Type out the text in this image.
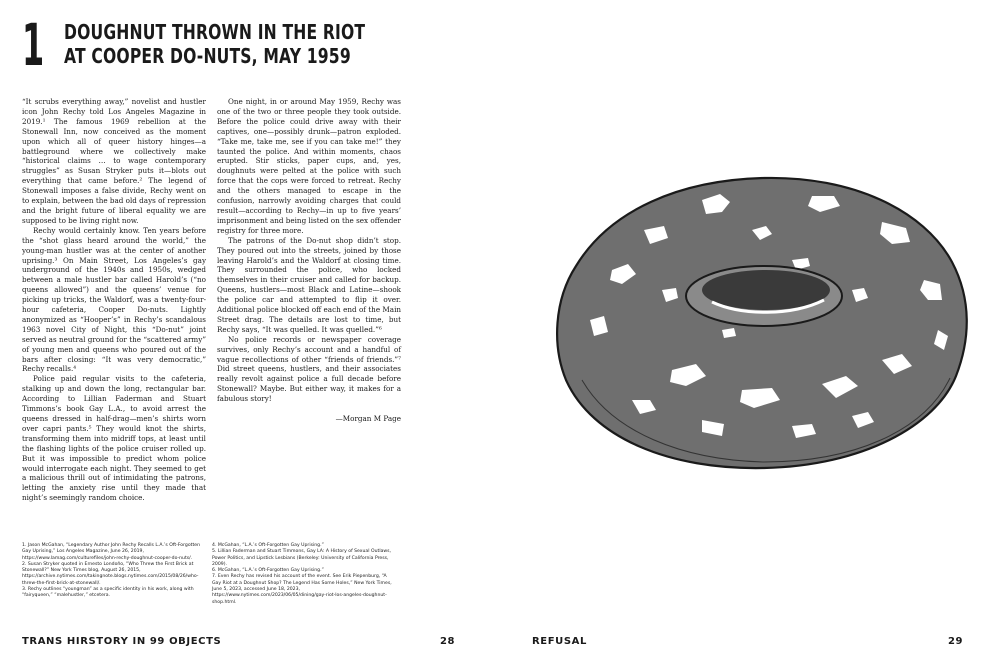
1 DOUGHNUT THROWN IN THE RIOT
AT COOPER DO-NUTS, MAY 1959

“It scrubs everything away,” novelist and hustler icon John Rechy told Los Angeles Magazine in 2019.¹ The famous 1969 rebellion at the Stonewall Inn, now conceived as the moment upon which all of queer history hinges—a battleground where we collectively make “historical claims … to wage contemporary struggles” as Susan Stryker puts it—blots out everything that came before.² The legend of Stonewall imposes a false divide, Rechy went on to explain, between the bad old days of repression and the bright future of liberal equality we are supposed to be living right now.

Rechy would certainly know. Ten years before the “shot glass heard around the world,” the young-man hustler was at the center of another uprising.³ On Main Street, Los Angeles’s gay underground of the 1940s and 1950s, wedged between a male hustler bar called Harold’s (“no queens allowed”) and the queens’ venue for picking up tricks, the Waldorf, was a twenty-four-hour cafeteria, Cooper Do-nuts. Lightly anonymized as “Hooper’s” in Rechy’s scandalous 1963 novel City of Night, this “Do-nut” joint served as neutral ground for the “scattered army” of young men and queens who poured out of the bars after closing: “It was very democratic,” Rechy recalls.⁴

Police paid regular visits to the cafeteria, stalking up and down the long, rectangular bar. According to Lillian Faderman and Stuart Timmons’s book Gay L.A., to avoid arrest the queens dressed in half-drag—men’s shirts worn over capri pants.⁵ They would knot the shirts, transforming them into midriff tops, at least until the flashing lights of the police cruiser rolled up. But it was impossible to predict whom police would interrogate each night. They seemed to get a malicious thrill out of intimidating the patrons, letting the anxiety rise until they made that night’s seemingly random choice.

One night, in or around May 1959, Rechy was one of the two or three people they took outside. Before the police could drive away with their captives, one—possibly drunk—patron exploded. “Take me, take me, see if you can take me!” they taunted the police. And within moments, chaos erupted. Stir sticks, paper cups, and, yes, doughnuts were pelted at the police with such force that the cops were forced to retreat. Rechy and the others managed to escape in the confusion, narrowly avoiding charges that could result—according to Rechy—in up to five years’ imprisonment and being listed on the sex offender registry for three more.

The patrons of the Do-nut shop didn’t stop. They poured out into the streets, joined by those leaving Harold’s and the Waldorf at closing time. They surrounded the police, who locked themselves in their cruiser and called for backup. Queens, hustlers—most Black and Latine—shook the police car and attempted to flip it over. Additional police blocked off each end of the Main Street drag. The details are lost to time, but Rechy says, “It was quelled. It was quelled.”⁶

No police records or newspaper coverage survives, only Rechy’s account and a handful of vague recollections of other “friends of friends.”⁷ Did street queens, hustlers, and their associates really revolt against police a full decade before Stonewall? Maybe. But either way, it makes for a fabulous story!

—Morgan M Page

1. Jason McGahan, “Legendary Author John Rechy Recalls L.A.’s Oft-Forgotten Gay Uprising,” Los Angeles Magazine, June 26, 2019, https://www.lamag.com/culturefiles/john-rechy-doughnut-cooper-do-nuts/.

2. Susan Stryker quoted in Ernesto Londoño, “Who Threw the First Brick at Stonewall?” New York Times blog, August 26, 2015, https://archive.nytimes.com/takingnote.blogs.nytimes.com/2015/08/26/who-threw-the-first-brick-at-stonewall/.

3. Rechy outlines “youngman” as a specific identity in his work, along with “fairyqueen,” “malehustler,” etcetera.

4. McGahan, “L.A.’s Oft-Forgotten Gay Uprising.”

5. Lillian Faderman and Stuart Timmons, Gay LA: A History of Sexual Outlaws, Power Politics, and Lipstick Lesbians (Berkeley: University of California Press, 2009).

6. McGahan, “L.A.’s Oft-Forgotten Gay Uprising.”

7. Even Rechy has revised his account of the event. See Erik Piepenburg, “A Gay Riot at a Doughnut Shop? The Legend Has Some Holes,” New York Times, June 5, 2023, accessed June 18, 2023, https://www.nytimes.com/2023/06/05/dining/gay-riot-los-angeles-doughnut-shop.html.

TRANS HIRSTORY IN 99 OBJECTS	28	REFUSAL	29
